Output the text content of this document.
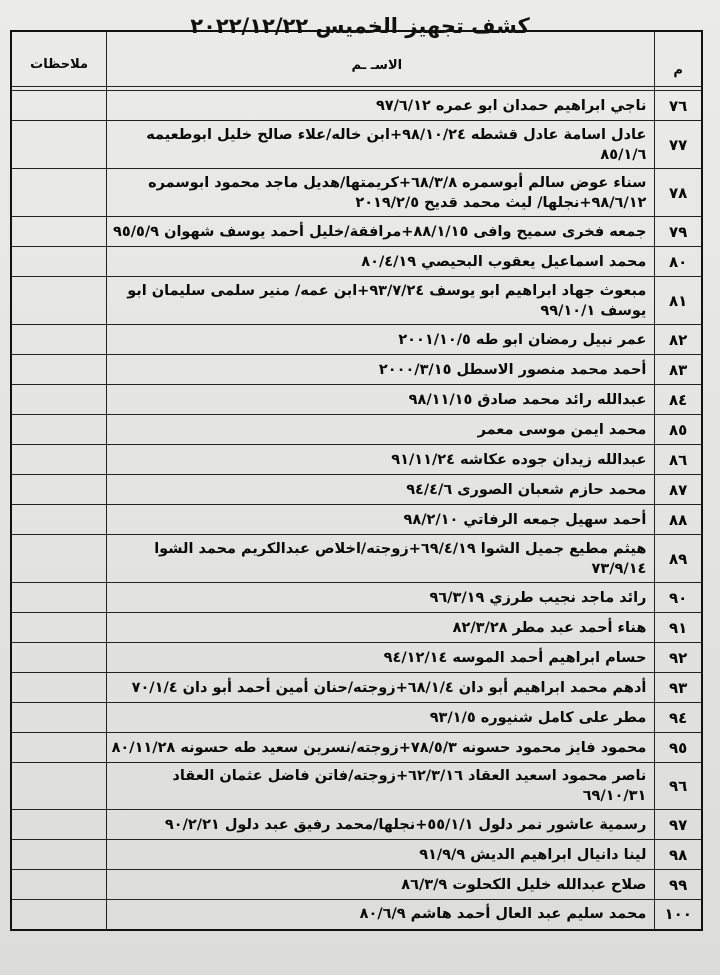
كشف تجهيز الخميس ٢٠٢٢/١٢/٢٢
م	الاسـ ـم	ملاحظات

٧٦	ناجي ابراهيم حمدان ابو عمره ٩٧/٦/١٢	
٧٧	عادل اسامة عادل قشطه ٩٨/١٠/٢٤+ابن خاله/علاء صالح خليل ابوطعيمه ٨٥/١/٦	
٧٨	سناء عوض سالم أبوسمره ٦٨/٣/٨+كريمتها/هديل ماجد محمود ابوسمره ٩٨/٦/١٢+نجلها/ ليث محمد قديح ٢٠١٩/٢/٥	
٧٩	جمعه فخرى سميح وافى ٨٨/١/١٥+مرافقة/خليل أحمد يوسف شهوان ٩٥/٥/٩	
٨٠	محمد اسماعيل يعقوب البحيصي ٨٠/٤/١٩	
٨١	مبعوث جهاد ابراهيم ابو يوسف ٩٣/٧/٢٤+ابن عمه/ منير سلمى سليمان ابو يوسف ٩٩/١٠/١	
٨٢	عمر نبيل رمضان ابو طه ٢٠٠١/١٠/٥	
٨٣	أحمد محمد منصور الاسطل ٢٠٠٠/٣/١٥	
٨٤	عبدالله رائد محمد صادق ٩٨/١١/١٥	
٨٥	محمد ايمن موسى معمر	
٨٦	عبدالله زيدان جوده عكاشه ٩١/١١/٢٤	
٨٧	محمد حازم شعبان الصورى ٩٤/٤/٦	
٨٨	أحمد سهيل جمعه الرفاتي ٩٨/٢/١٠	
٨٩	هيثم مطيع جميل الشوا ٦٩/٤/١٩+زوجته/اخلاص عبدالكريم محمد الشوا ٧٣/٩/١٤	
٩٠	رائد ماجد نجيب طرزي ٩٦/٣/١٩	
٩١	هناء أحمد عبد مطر ٨٢/٣/٢٨	
٩٢	حسام ابراهيم أحمد الموسه ٩٤/١٢/١٤	
٩٣	أدهم محمد ابراهيم أبو دان ٦٨/١/٤+زوجته/حنان أمين أحمد أبو دان ٧٠/١/٤	
٩٤	مطر على كامل شنيوره ٩٣/١/٥	
٩٥	محمود فايز محمود حسونه ٧٨/٥/٣+زوجته/نسرين سعيد طه حسونه ٨٠/١١/٢٨	
٩٦	ناصر محمود اسعيد العقاد ٦٢/٣/١٦+زوجته/فاتن فاضل عثمان العقاد ٦٩/١٠/٣١	
٩٧	رسمية عاشور نمر دلول ٥٥/١/١+نجلها/محمد رفيق عبد دلول ٩٠/٢/٢١	
٩٨	لينا دانيال ابراهيم الديش ٩١/٩/٩	
٩٩	صلاح عبدالله خليل الكحلوت ٨٦/٣/٩	
١٠٠	محمد سليم عبد العال أحمد هاشم ٨٠/٦/٩	
